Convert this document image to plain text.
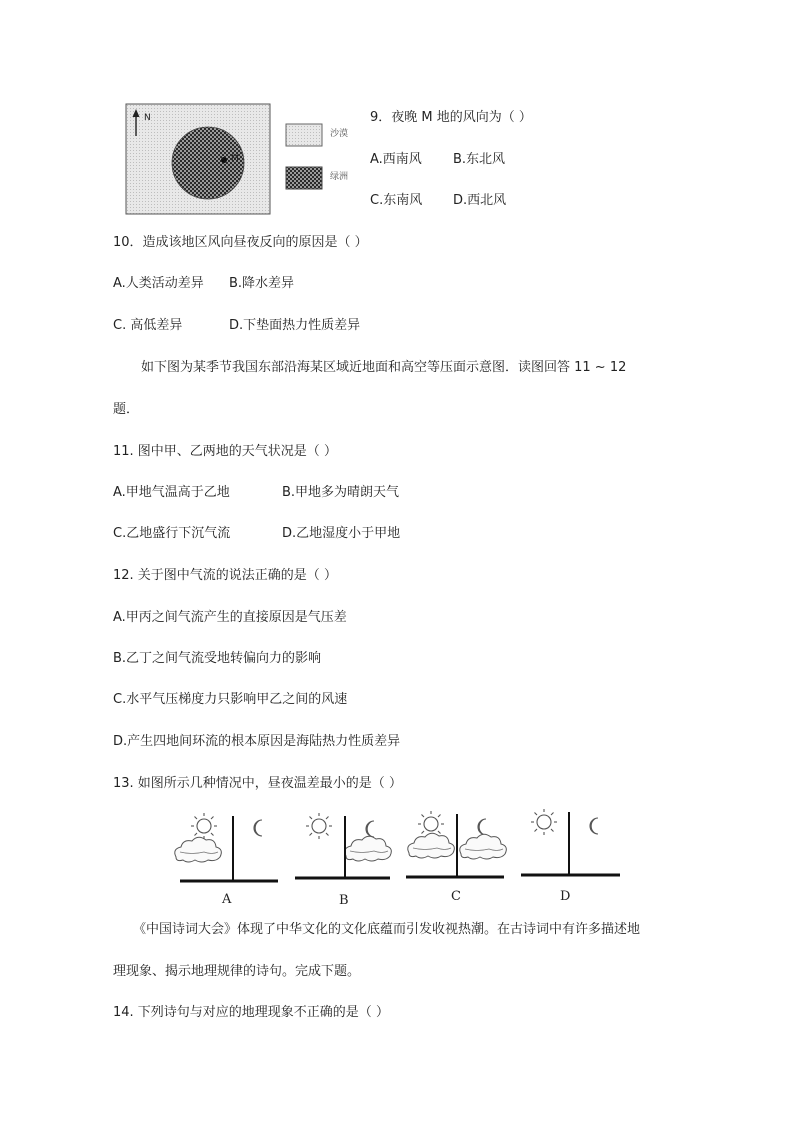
N
M
沙漠
绿洲
9．夜晚 M 地的风向为（ ）
A.西南风 B.东北风
C.东南风 D.西北风
10．造成该地区风向昼夜反向的原因是（ ）
A.人类活动差异 B.降水差异
C. 高低差异	D.下垫面热力性质差异
如下图为某季节我国东部沿海某区域近地面和高空等压面示意图．读图回答 11 ~ 12
题．
11. 图中甲、乙两地的天气状况是（ ）
A.甲地气温高于乙地	B.甲地多为晴朗天气
C.乙地盛行下沉气流	D.乙地湿度小于甲地
12. 关于图中气流的说法正确的是（ ）
A.甲丙之间气流产生的直接原因是气压差
B.乙丁之间气流受地转偏向力的影响
C.水平气压梯度力只影响甲乙之间的风速
D.产生四地间环流的根本原因是海陆热力性质差异
13. 如图所示几种情况中，昼夜温差最小的是（ ）
A	B	C	D
《中国诗词大会》体现了中华文化的文化底蕴而引发收视热潮。在古诗词中有许多描述地
理现象、揭示地理规律的诗句。完成下题。
14. 下列诗句与对应的地理现象不正确的是（ ）
